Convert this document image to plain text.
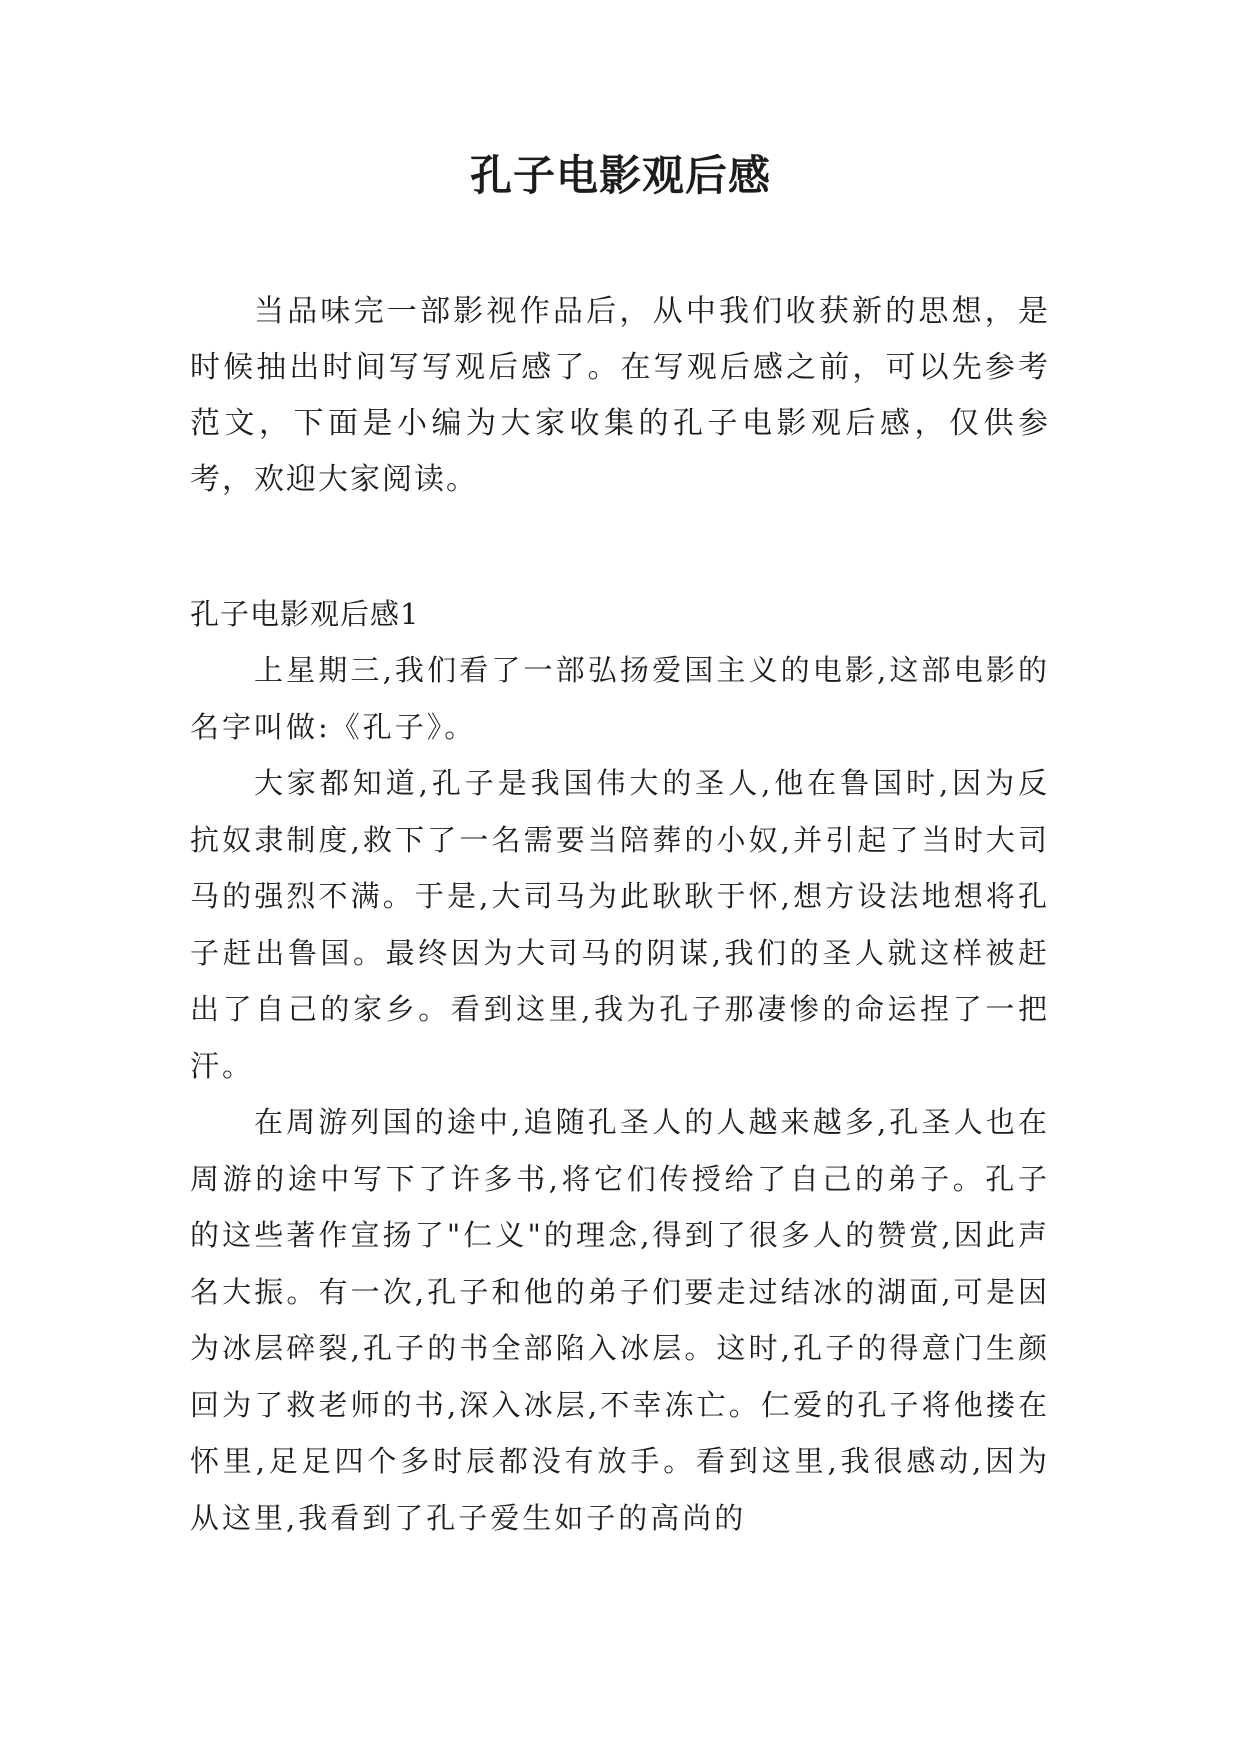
孔子电影观后感

当品味完一部影视作品后，从中我们收获新的思想，是时候抽出时间写写观后感了。在写观后感之前，可以先参考范文，下面是小编为大家收集的孔子电影观后感，仅供参考，欢迎大家阅读。

孔子电影观后感1

上星期三,我们看了一部弘扬爱国主义的电影,这部电影的名字叫做:《孔子》。

大家都知道,孔子是我国伟大的圣人,他在鲁国时,因为反抗奴隶制度,救下了一名需要当陪葬的小奴,并引起了当时大司马的强烈不满。于是,大司马为此耿耿于怀,想方设法地想将孔子赶出鲁国。最终因为大司马的阴谋,我们的圣人就这样被赶出了自己的家乡。看到这里,我为孔子那凄惨的命运捏了一把汗。

在周游列国的途中,追随孔圣人的人越来越多,孔圣人也在周游的途中写下了许多书,将它们传授给了自己的弟子。孔子的这些著作宣扬了"仁义"的理念,得到了很多人的赞赏,因此声名大振。有一次,孔子和他的弟子们要走过结冰的湖面,可是因为冰层碎裂,孔子的书全部陷入冰层。这时,孔子的得意门生颜回为了救老师的书,深入冰层,不幸冻亡。仁爱的孔子将他搂在怀里,足足四个多时辰都没有放手。看到这里,我很感动,因为从这里,我看到了孔子爱生如子的高尚的
